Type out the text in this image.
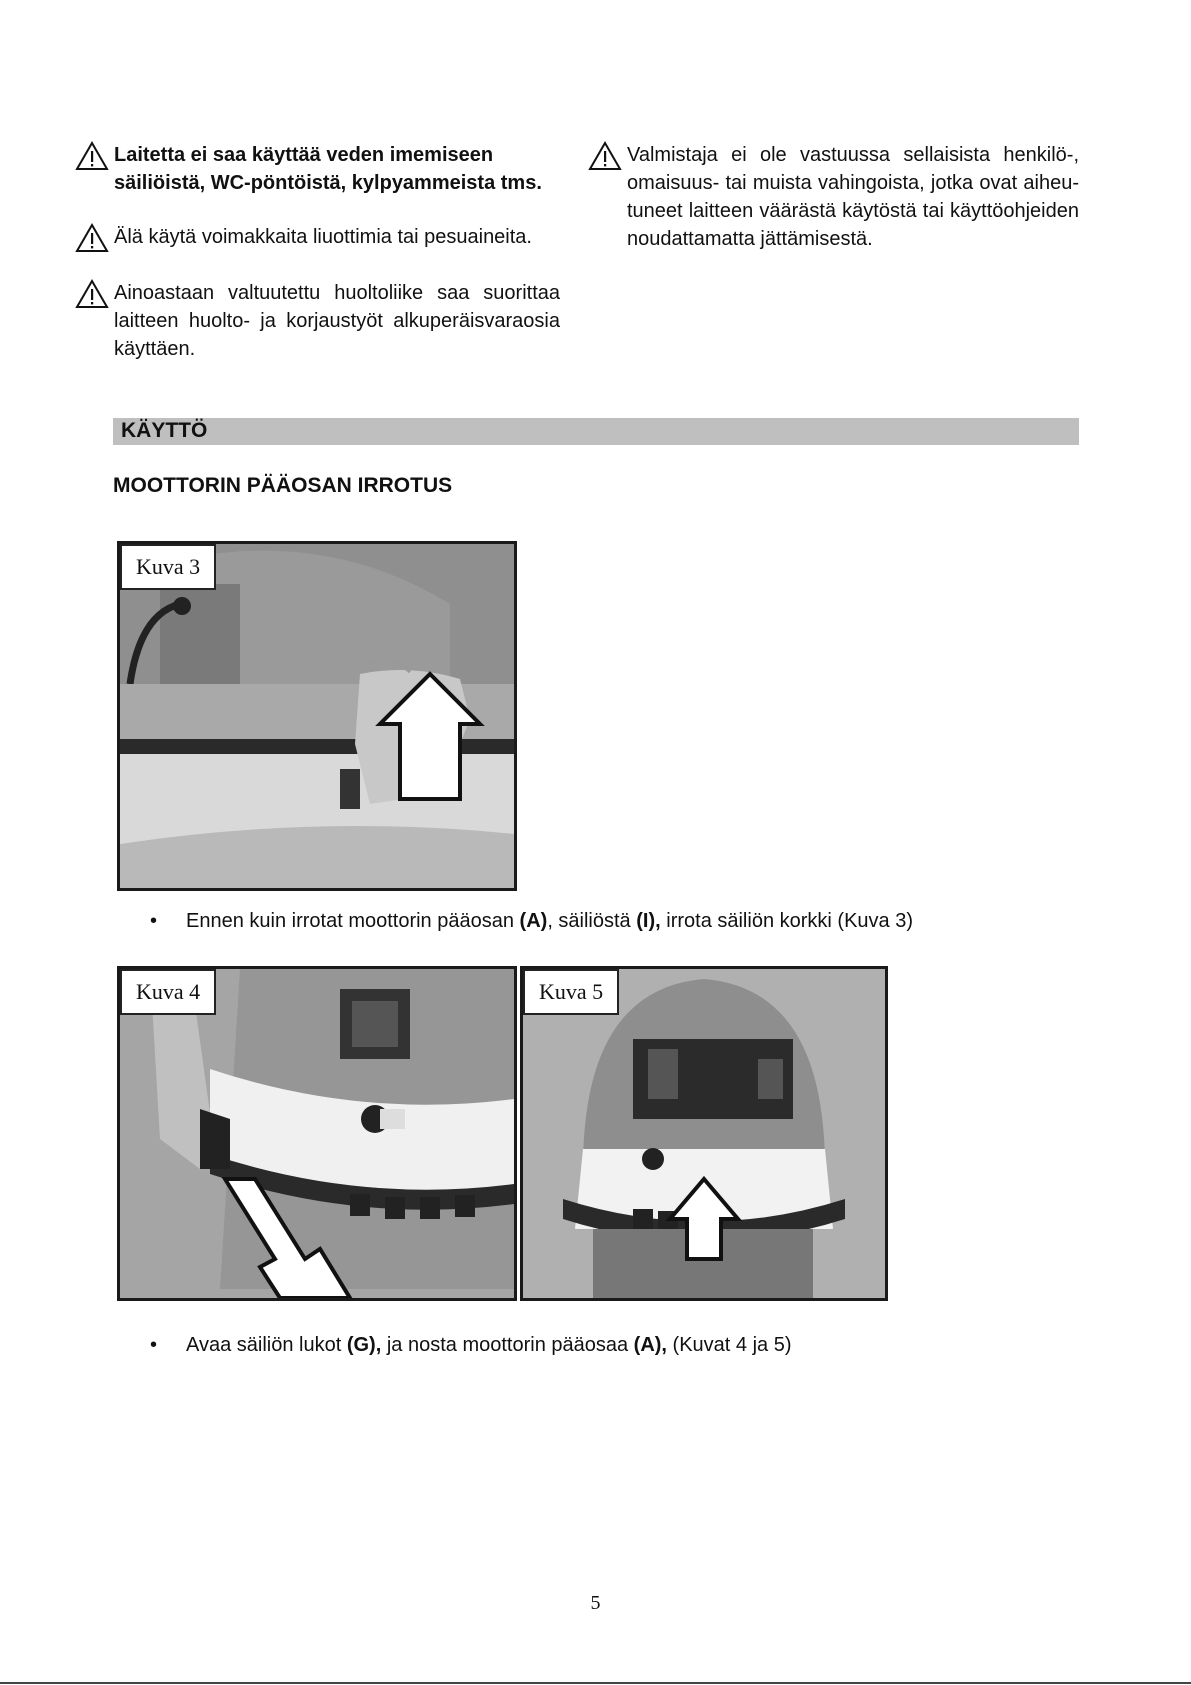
Laitetta ei saa käyttää veden imemiseen säiliöistä, WC-pöntöistä, kylpyammeista tms.
Älä käytä voimakkaita liuottimia tai pesuaineita.
Ainoastaan valtuutettu huoltoliike saa suorittaa laitteen huolto- ja korjaustyöt alkuperäisvaraosia käyttäen.
Valmistaja ei ole vastuussa sellaisista henkilö-, omaisuus- tai muista vahingoista, jotka ovat aiheu-tuneet laitteen väärästä käytöstä tai käyttöohjeiden noudattamatta jättämisestä.
KÄYTTÖ
MOOTTORIN PÄÄOSAN IRROTUS
Kuva 3
• Ennen kuin irrotat moottorin pääosan (A), säiliöstä (I), irrota säiliön korkki (Kuva 3)
Kuva 4	Kuva 5
• Avaa säiliön lukot (G), ja nosta moottorin pääosaa (A), (Kuvat 4 ja 5)
5
